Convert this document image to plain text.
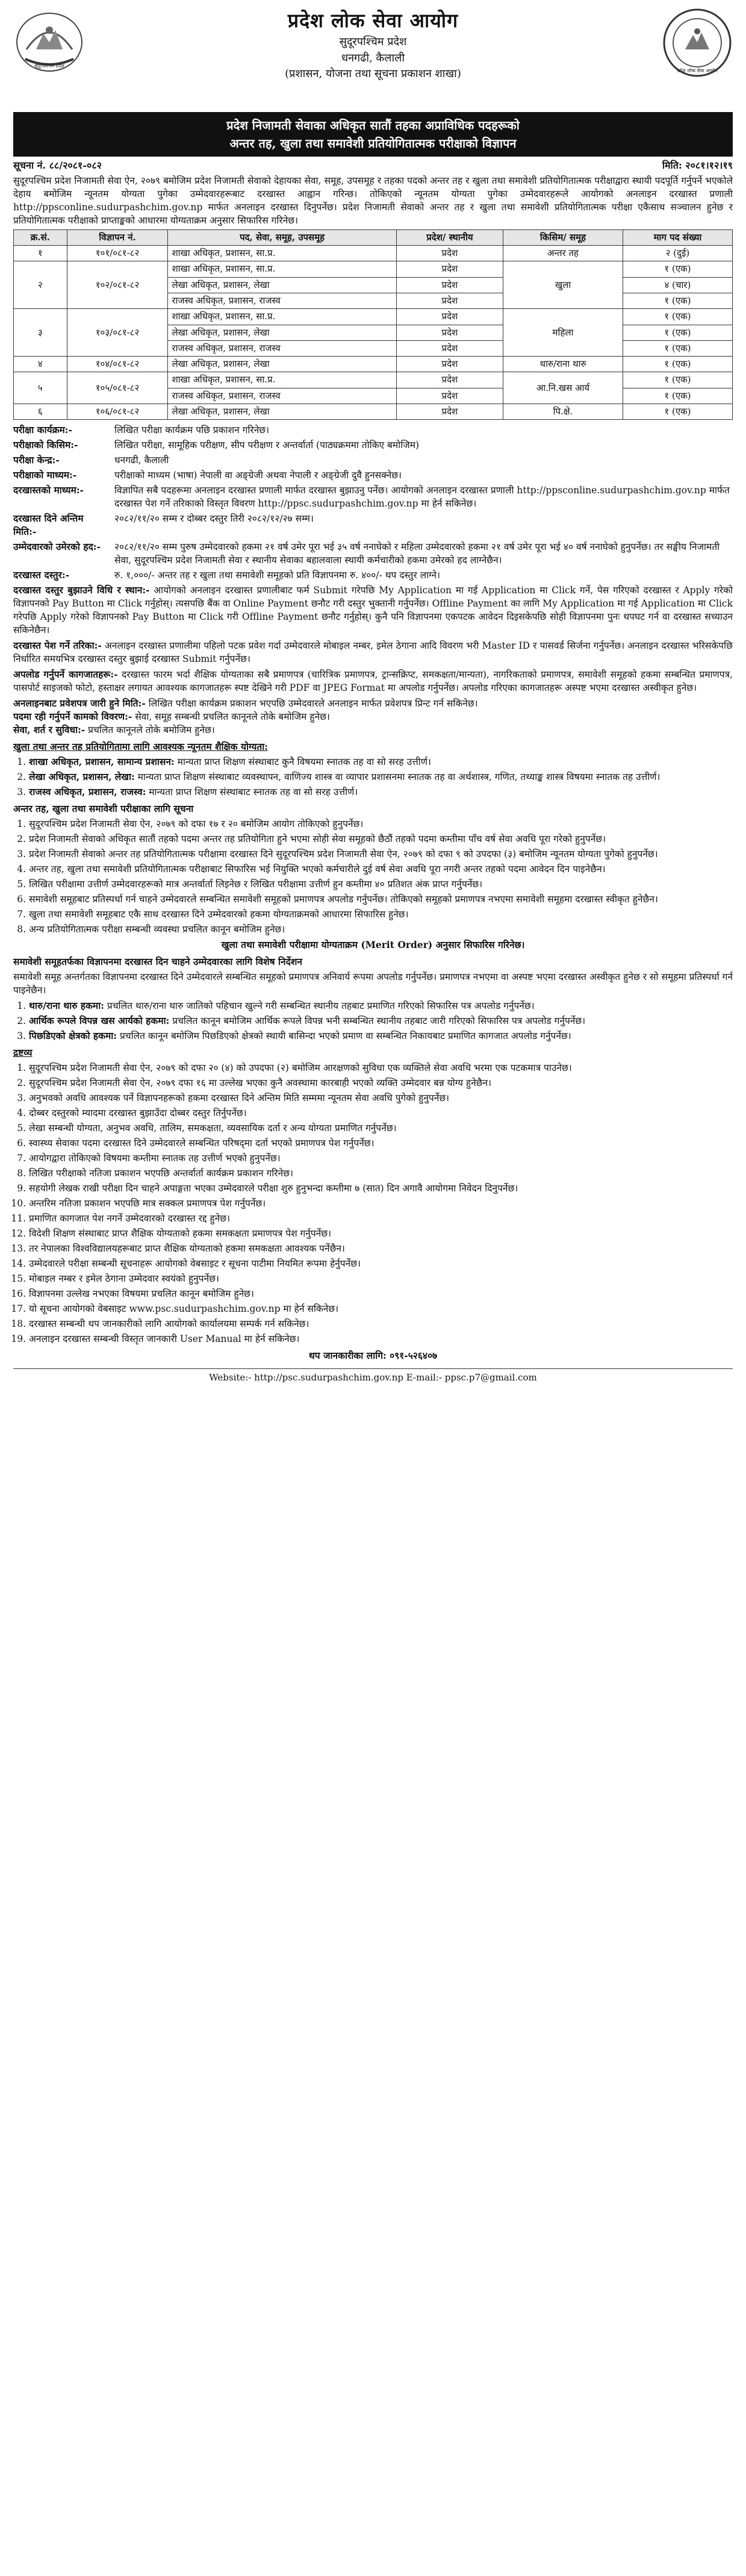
सुदूरपश्चिम प्रदेश
प्रदेश लोक सेवा आयोग
सुदूरपश्चिम प्रदेश
धनगढी, कैलाली
(प्रशासन, योजना तथा सूचना प्रकाशन शाखा)	प्रदेश लोक सेवा आयोग
प्रदेश निजामती सेवाका अधिकृत सातौं तहका अप्राविधिक पदहरूको
अन्तर तह, खुला तथा समावेशी प्रतियोगितात्मक परीक्षाको विज्ञापन
सूचना नं. ८८/२०८१-०८२	मिति: २०८१।१२।१९

सुदूरपश्चिम प्रदेश निजामती सेवा ऐन, २०७९ बमोजिम प्रदेश निजामती सेवाको देहायका सेवा, समूह, उपसमूह र तहका पदको अन्तर तह र खुला तथा समावेशी प्रतियोगितात्मक परीक्षाद्वारा स्थायी पदपूर्ति गर्नुपर्ने भएकोले देहाय बमोजिम न्यूनतम योग्यता पुगेका उम्मेदवारहरूबाट दरखास्त आह्वान गरिन्छ। तोकिएको न्यूनतम योग्यता पुगेका उम्मेदवारहरूले आयोगको अनलाइन दरखास्त प्रणाली http://ppsconline.sudurpashchim.gov.np मार्फत अनलाइन दरखास्त दिनुपर्नेछ। प्रदेश निजामती सेवाको अन्तर तह र खुला तथा समावेशी प्रतियोगितात्मक परीक्षा एकैसाथ सञ्चालन हुनेछ र प्रतियोगितात्मक परीक्षाको प्राप्ताङ्कको आधारमा योग्यताक्रम अनुसार सिफारिस गरिनेछ।

क्र.सं.	विज्ञापन नं.	पद, सेवा, समूह, उपसमूह	प्रदेश/ स्थानीय	किसिम/ समूह	माग पद संख्या
१	१०१/०८१-८२	शाखा अधिकृत, प्रशासन, सा.प्र.	प्रदेश	अन्तर तह	२ (दुई)
२	१०२/०८१-८२	शाखा अधिकृत, प्रशासन, सा.प्र.	प्रदेश	खुला	१ (एक)
		लेखा अधिकृत, प्रशासन, लेखा	प्रदेश		४ (चार)
		राजस्व अधिकृत, प्रशासन, राजस्व	प्रदेश		१ (एक)
३	१०३/०८१-८२	शाखा अधिकृत, प्रशासन, सा.प्र.	प्रदेश	महिला	१ (एक)
		लेखा अधिकृत, प्रशासन, लेखा	प्रदेश		१ (एक)
		राजस्व अधिकृत, प्रशासन, राजस्व	प्रदेश		१ (एक)
४	१०४/०८१-८२	लेखा अधिकृत, प्रशासन, लेखा	प्रदेश	थारु/राना थारु	१ (एक)
५	१०५/०८१-८२	शाखा अधिकृत, प्रशासन, सा.प्र.	प्रदेश	आ.नि.खस आर्य	१ (एक)
		राजस्व अधिकृत, प्रशासन, राजस्व	प्रदेश		१ (एक)
६	१०६/०८१-८२	लेखा अधिकृत, प्रशासन, लेखा	प्रदेश	पि.क्षे.	१ (एक)
परीक्षा कार्यक्रम:-	लिखित परीक्षा कार्यक्रम पछि प्रकाशन गरिनेछ।
परीक्षाको किसिम:-	लिखित परीक्षा, सामूहिक परीक्षण, सीप परीक्षण र अन्तर्वार्ता (पाठ्यक्रममा तोकिए बमोजिम)
परीक्षा केन्द्र:-	धनगढी, कैलाली
परीक्षाको माध्यम:-	परीक्षाको माध्यम (भाषा) नेपाली वा अङ्ग्रेजी अथवा नेपाली र अङ्ग्रेजी दुवै हुनसक्नेछ।
दरखास्तको माध्यम:-	विज्ञापित सबै पदहरूमा अनलाइन दरखास्त प्रणाली मार्फत दरखास्त बुझाउनु पर्नेछ। आयोगको अनलाइन दरखास्त प्रणाली http://ppsconline.sudurpashchim.gov.np मार्फत दरखास्त पेश गर्ने तरिकाको विस्तृत विवरण http://ppsc.sudurpashchim.gov.np मा हेर्न सकिनेछ।
दरखास्त दिने अन्तिम मिति:-
२०८२/११/२० सम्म र दोब्बर दस्तुर तिरी २०८२/१२/२७ सम्म।
उम्मेदवारको उमेरको हद:-	२०८२/११/२० सम्म पुरुष उम्मेदवारको हकमा २१ वर्ष उमेर पूरा भई ३५ वर्ष ननाघेको र महिला उम्मेदवारको हकमा २१ वर्ष उमेर पूरा भई ४० वर्ष ननाघेको हुनुपर्नेछ। तर सङ्घीय निजामती सेवा, सुदूरपश्चिम प्रदेश निजामती सेवा र स्थानीय सेवाका बहालवाला स्थायी कर्मचारीको हकमा उमेरको हद लाग्नेछैन।
दरखास्त दस्तुर:-	रु. १,०००/- अन्तर तह र खुला तथा समावेशी समूहको प्रति विज्ञापनमा रु. ४००/- थप दस्तुर लाग्ने।

दरखास्त दस्तुर बुझाउने विधि र स्थान:- आयोगको अनलाइन दरखास्त प्रणालीबाट फर्म Submit गरेपछि My Application मा गई Application मा Click गर्ने, पेस गरिएको दरखास्त र Apply गरेको विज्ञापनको Pay Button मा Click गर्नुहोस्। त्यसपछि बैंक वा Online Payment छनौट गरी दस्तुर भुक्तानी गर्नुपर्नेछ। Offline Payment का लागि My Application मा गई Application मा Click गरेपछि Apply गरेको विज्ञापनको Pay Button मा Click गरी Offline Payment छनौट गर्नुहोस्। कुनै पनि विज्ञापनमा एकपटक आवेदन दिइसकेपछि सोही विज्ञापनमा पुनः थपघट गर्न वा दरखास्त सच्याउन सकिनेछैन।

दरखास्त पेश गर्ने तरिका:- अनलाइन दरखास्त प्रणालीमा पहिलो पटक प्रवेश गर्दा उम्मेदवारले मोबाइल नम्बर, इमेल ठेगाना आदि विवरण भरी Master ID र पासवर्ड सिर्जना गर्नुपर्नेछ। अनलाइन दरखास्त भरिसकेपछि निर्धारित समयभित्र दरखास्त दस्तुर बुझाई दरखास्त Submit गर्नुपर्नेछ।

अपलोड गर्नुपर्ने कागजातहरू:- दरखास्त फारम भर्दा शैक्षिक योग्यताका सबै प्रमाणपत्र (चारित्रिक प्रमाणपत्र, ट्रान्सक्रिप्ट, समकक्षता/मान्यता), नागरिकताको प्रमाणपत्र, समावेशी समूहको हकमा सम्बन्धित प्रमाणपत्र, पासपोर्ट साइजको फोटो, हस्ताक्षर लगायत आवश्यक कागजातहरू स्पष्ट देखिने गरी PDF वा JPEG Format मा अपलोड गर्नुपर्नेछ। अपलोड गरिएका कागजातहरू अस्पष्ट भएमा दरखास्त अस्वीकृत हुनेछ।

अनलाइनबाट प्रवेशपत्र जारी हुने मिति:- लिखित परीक्षा कार्यक्रम प्रकाशन भएपछि उम्मेदवारले अनलाइन मार्फत प्रवेशपत्र प्रिन्ट गर्न सकिनेछ।
पदमा रही गर्नुपर्ने कामको विवरण:- सेवा, समूह सम्बन्धी प्रचलित कानूनले तोके बमोजिम हुनेछ।
सेवा, शर्त र सुविधा:- प्रचलित कानूनले तोके बमोजिम हुनेछ।
खुला तथा अन्तर तह प्रतियोगितामा लागि आवश्यक न्यूनतम शैक्षिक योग्यता:
1. शाखा अधिकृत, प्रशासन, सामान्य प्रशासन: मान्यता प्राप्त शिक्षण संस्थाबाट कुनै विषयमा स्नातक तह वा सो सरह उत्तीर्ण।
2. लेखा अधिकृत, प्रशासन, लेखा: मान्यता प्राप्त शिक्षण संस्थाबाट व्यवस्थापन, वाणिज्य शास्त्र वा व्यापार प्रशासनमा स्नातक तह वा अर्थशास्त्र, गणित, तथ्याङ्क शास्त्र विषयमा स्नातक तह उत्तीर्ण।
3. राजस्व अधिकृत, प्रशासन, राजस्व: मान्यता प्राप्त शिक्षण संस्थाबाट स्नातक तह वा सो सरह उत्तीर्ण।
अन्तर तह, खुला तथा समावेशी परीक्षाका लागि सूचना
1. सुदूरपश्चिम प्रदेश निजामती सेवा ऐन, २०७९ को दफा १७ र २० बमोजिम आयोग तोकिएको हुनुपर्नेछ।
2. प्रदेश निजामती सेवाको अधिकृत सातौं तहको पदमा अन्तर तह प्रतियोगिता हुने भएमा सोही सेवा समूहको छैठौं तहको पदमा कम्तीमा पाँच वर्ष सेवा अवधि पूरा गरेको हुनुपर्नेछ।
3. प्रदेश निजामती सेवाको अन्तर तह प्रतियोगितात्मक परीक्षामा दरखास्त दिने सुदूरपश्चिम प्रदेश निजामती सेवा ऐन, २०७९ को दफा ९ को उपदफा (३) बमोजिम न्यूनतम योग्यता पुगेको हुनुपर्नेछ।
4. अन्तर तह, खुला तथा समावेशी प्रतियोगितात्मक परीक्षाबाट सिफारिस भई नियुक्ति भएको कर्मचारीले दुई वर्ष सेवा अवधि पूरा नगरी अन्तर तहको पदमा आवेदन दिन पाइनेछैन।
5. लिखित परीक्षामा उत्तीर्ण उम्मेदवारहरूको मात्र अन्तर्वार्ता लिइनेछ र लिखित परीक्षामा उत्तीर्ण हुन कम्तीमा ४० प्रतिशत अंक प्राप्त गर्नुपर्नेछ।
6. समावेशी समूहबाट प्रतिस्पर्धा गर्न चाहने उम्मेदवारले सम्बन्धित समावेशी समूहको प्रमाणपत्र अपलोड गर्नुपर्नेछ। तोकिएको समूहको प्रमाणपत्र नभएमा समावेशी समूहमा दरखास्त स्वीकृत हुनेछैन।
7. खुला तथा समावेशी समूहबाट एकै साथ दरखास्त दिने उम्मेदवारको हकमा योग्यताक्रमको आधारमा सिफारिस हुनेछ।
8. अन्य प्रतियोगितात्मक परीक्षा सम्बन्धी व्यवस्था प्रचलित कानून बमोजिम हुनेछ।

खुला तथा समावेशी परीक्षामा योग्यताक्रम (Merit Order) अनुसार सिफारिस गरिनेछ।

समावेशी समूहतर्फका विज्ञापनमा दरखास्त दिन चाहने उम्मेदवारका लागि विशेष निर्देशन

समावेशी समूह अन्तर्गतका विज्ञापनमा दरखास्त दिने उम्मेदवारले सम्बन्धित समूहको प्रमाणपत्र अनिवार्य रूपमा अपलोड गर्नुपर्नेछ। प्रमाणपत्र नभएमा वा अस्पष्ट भएमा दरखास्त अस्वीकृत हुनेछ र सो समूहमा प्रतिस्पर्धा गर्न पाइनेछैन।

1. थारु/राना थारु हकमा: प्रचलित थारु/राना थारु जातिको पहिचान खुल्ने गरी सम्बन्धित स्थानीय तहबाट प्रमाणित गरिएको सिफारिस पत्र अपलोड गर्नुपर्नेछ।
2. आर्थिक रूपले विपन्न खस आर्यको हकमा: प्रचलित कानून बमोजिम आर्थिक रूपले विपन्न भनी सम्बन्धित स्थानीय तहबाट जारी गरिएको सिफारिस पत्र अपलोड गर्नुपर्नेछ।
3. पिछडिएको क्षेत्रको हकमा: प्रचलित कानून बमोजिम पिछडिएको क्षेत्रको स्थायी बासिन्दा भएको प्रमाण वा सम्बन्धित निकायबाट प्रमाणित कागजात अपलोड गर्नुपर्नेछ।
द्रष्टव्य
1. सुदूरपश्चिम प्रदेश निजामती सेवा ऐन, २०७९ को दफा २० (४) को उपदफा (२) बमोजिम आरक्षणको सुविधा एक व्यक्तिले सेवा अवधि भरमा एक पटकमात्र पाउनेछ।
2. सुदूरपश्चिम प्रदेश निजामती सेवा ऐन, २०७९ दफा १६ मा उल्लेख भएका कुनै अवस्थामा कारबाही भएको व्यक्ति उम्मेदवार बन्न योग्य हुनेछैन।
3. अनुभवको अवधि आवश्यक पर्ने विज्ञापनहरूको हकमा दरखास्त दिने अन्तिम मिति सम्ममा न्यूनतम सेवा अवधि पुगेको हुनुपर्नेछ।
4. दोब्बर दस्तुरको म्यादमा दरखास्त बुझाउँदा दोब्बर दस्तुर तिर्नुपर्नेछ।
5. लेखा सम्बन्धी योग्यता, अनुभव अवधि, तालिम, समकक्षता, व्यवसायिक दर्ता र अन्य योग्यता प्रमाणित गर्नुपर्नेछ।
6. स्वास्थ्य सेवाका पदमा दरखास्त दिने उम्मेदवारले सम्बन्धित परिषद्‌मा दर्ता भएको प्रमाणपत्र पेश गर्नुपर्नेछ।
7. आयोगद्वारा तोकिएको विषयमा कम्तीमा स्नातक तह उत्तीर्ण भएको हुनुपर्नेछ।
8. लिखित परीक्षाको नतिजा प्रकाशन भएपछि अन्तर्वार्ता कार्यक्रम प्रकाशन गरिनेछ।
9. सहयोगी लेखक राखी परीक्षा दिन चाहने अपाङ्गता भएका उम्मेदवारले परीक्षा शुरु हुनुभन्दा कम्तीमा ७ (सात) दिन अगावै आयोगमा निवेदन दिनुपर्नेछ।
10. अन्तरिम नतिजा प्रकाशन भएपछि मात्र सक्कल प्रमाणपत्र पेश गर्नुपर्नेछ।
11. प्रमाणित कागजात पेश नगर्ने उम्मेदवारको दरखास्त रद्द हुनेछ।
12. विदेशी शिक्षण संस्थाबाट प्राप्त शैक्षिक योग्यताको हकमा समकक्षता प्रमाणपत्र पेश गर्नुपर्नेछ।
13. तर नेपालका विश्वविद्यालयहरूबाट प्राप्त शैक्षिक योग्यताको हकमा समकक्षता आवश्यक पर्नेछैन।
14. उम्मेदवारले परीक्षा सम्बन्धी सूचनाहरू आयोगको वेबसाइट र सूचना पाटीमा नियमित रूपमा हेर्नुपर्नेछ।
15. मोबाइल नम्बर र इमेल ठेगाना उम्मेदवार स्वयंको हुनुपर्नेछ।
16. विज्ञापनमा उल्लेख नभएका विषयमा प्रचलित कानून बमोजिम हुनेछ।
17. यो सूचना आयोगको वेबसाइट www.psc.sudurpashchim.gov.np मा हेर्न सकिनेछ।
18. दरखास्त सम्बन्धी थप जानकारीको लागि आयोगको कार्यालयमा सम्पर्क गर्न सकिनेछ।
19. अनलाइन दरखास्त सम्बन्धी विस्तृत जानकारी User Manual मा हेर्न सकिनेछ।
थप जानकारीका लागि: ०९१-५२६४०७
Website:- http://psc.sudurpashchim.gov.np E-mail:- ppsc.p7@gmail.com
